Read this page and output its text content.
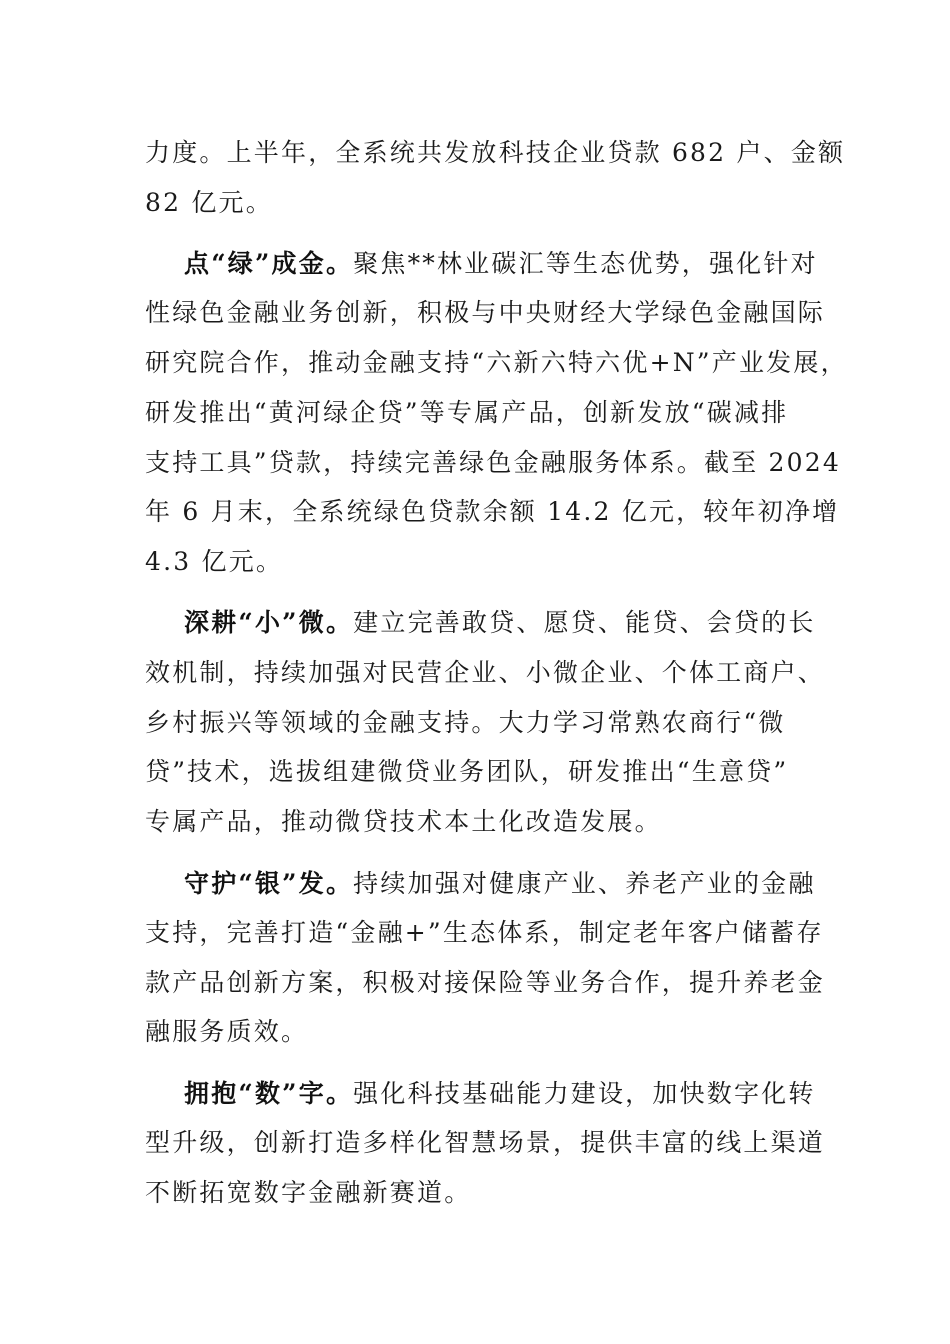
力度。上半年，全系统共发放科技企业贷款 682 户、金额
82 亿元。
点“绿”成金。聚焦**林业碳汇等生态优势，强化针对
性绿色金融业务创新，积极与中央财经大学绿色金融国际
研究院合作，推动金融支持“六新六特六优+N”产业发展，
研发推出“黄河绿企贷”等专属产品，创新发放“碳减排
支持工具”贷款，持续完善绿色金融服务体系。截至 2024
年 6 月末，全系统绿色贷款余额 14.2 亿元，较年初净增
4.3 亿元。
深耕“小”微。建立完善敢贷、愿贷、能贷、会贷的长
效机制，持续加强对民营企业、小微企业、个体工商户、
乡村振兴等领域的金融支持。大力学习常熟农商行“微
贷”技术，选拔组建微贷业务团队，研发推出“生意贷”
专属产品，推动微贷技术本土化改造发展。
守护“银”发。持续加强对健康产业、养老产业的金融
支持，完善打造“金融+”生态体系，制定老年客户储蓄存
款产品创新方案，积极对接保险等业务合作，提升养老金
融服务质效。
拥抱“数”字。强化科技基础能力建设，加快数字化转
型升级，创新打造多样化智慧场景，提供丰富的线上渠道
不断拓宽数字金融新赛道。
